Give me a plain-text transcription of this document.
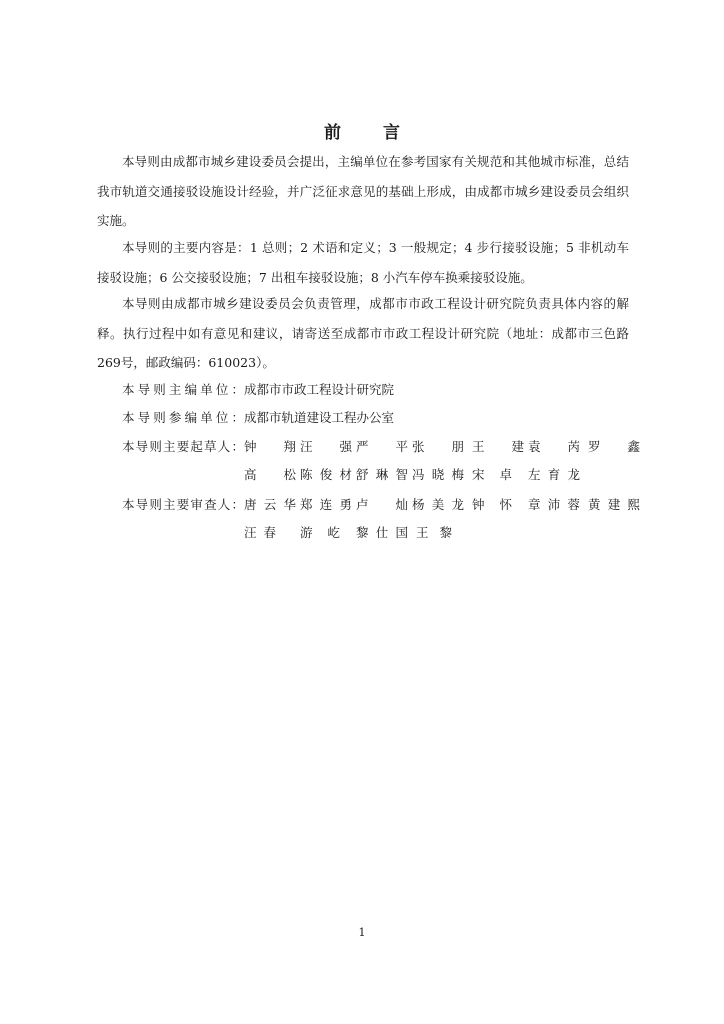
前 言

本导则由成都市城乡建设委员会提出，主编单位在参考国家有关规范和其他城市标准，总结我市轨道交通接驳设施设计经验，并广泛征求意见的基础上形成，由成都市城乡建设委员会组织实施。

本导则的主要内容是：1 总则；2 术语和定义；3 一般规定；4 步行接驳设施；5 非机动车接驳设施；6 公交接驳设施；7 出租车接驳设施；8 小汽车停车换乘接驳设施。

本导则由成都市城乡建设委员会负责管理，成都市市政工程设计研究院负责具体内容的解释。执行过程中如有意见和建议，请寄送至成都市市政工程设计研究院（地址：成都市三色路269号，邮政编码：610023）。

本导则主编单位：成都市市政工程设计研究院
本导则参编单位：成都市轨道建设工程办公室
本导则主要起草人： 钟 翔 汪 强 严 平 张 朋 王 建 袁 芮 罗 鑫
高 松 陈俊材 舒琳智 冯晓梅 宋 卓 左育龙
本导则主要审查人： 唐云华 郑连勇 卢 灿 杨美龙 钟 怀 章沛蓉 黄建熙
汪 春 游 屹 黎仕国 王 黎
1
